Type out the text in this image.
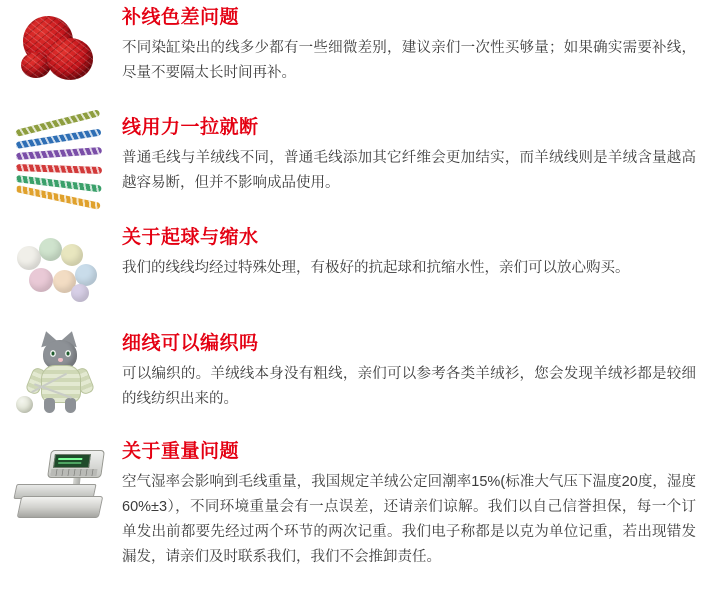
补线色差问题

不同染缸染出的线多少都有一些细微差别，建议亲们一次性买够量；如果确实需要补线，尽量不要隔太长时间再补。

线用力一拉就断

普通毛线与羊绒线不同，普通毛线添加其它纤维会更加结实，而羊绒线则是羊绒含量越高越容易断，但并不影响成品使用。

关于起球与缩水

我们的线线均经过特殊处理，有极好的抗起球和抗缩水性，亲们可以放心购买。

细线可以编织吗

可以编织的。羊绒线本身没有粗线，亲们可以参考各类羊绒衫，您会发现羊绒衫都是较细的线纺织出来的。

关于重量问题

空气湿率会影响到毛线重量，我国规定羊绒公定回潮率15%(标准大气压下温度20度，湿度60%±3），不同环境重量会有一点误差，还请亲们谅解。我们以自己信誉担保，每一个订单发出前都要先经过两个环节的两次记重。我们电子称都是以克为单位记重，若出现错发漏发，请亲们及时联系我们，我们不会推卸责任。
